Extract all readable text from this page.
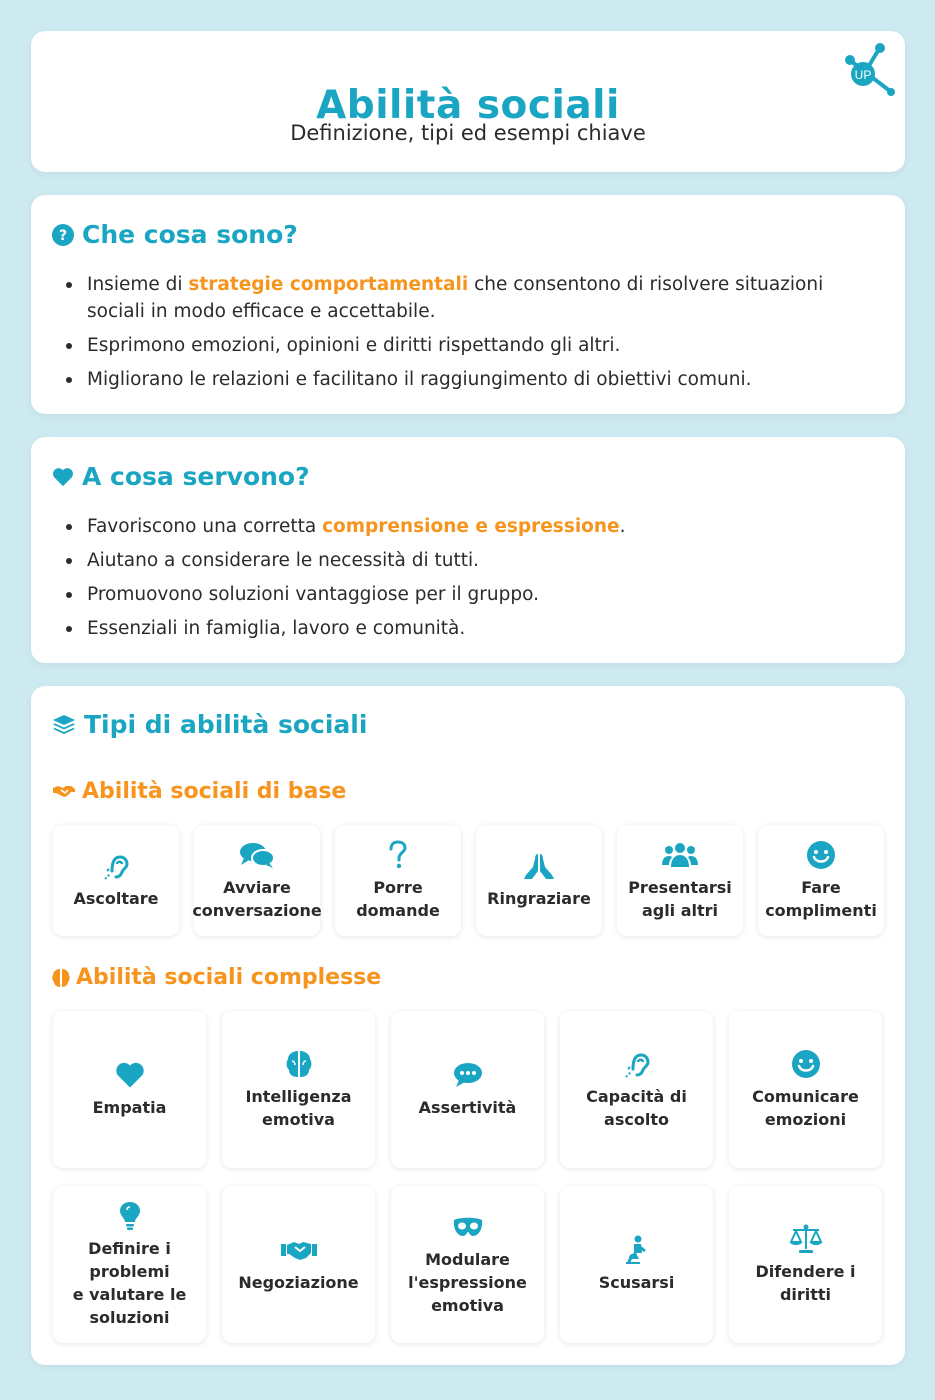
Abilità sociali
Definizione, tipi ed esempi chiave
UP
? Che cosa sono?
Insieme di strategie comportamentali che consentono di risolvere situazioni sociali in modo efficace e accettabile.
Esprimono emozioni, opinioni e diritti rispettando gli altri.
Migliorano le relazioni e facilitano il raggiungimento di obiettivi comuni.
A cosa servono?
Favoriscono una corretta comprensione e espressione.
Aiutano a considerare le necessità di tutti.
Promuovono soluzioni vantaggiose per il gruppo.
Essenziali in famiglia, lavoro e comunità.
Tipi di abilità sociali
Abilità sociali di base
Ascoltare
Avviare
conversazione
Porre
domande
Ringraziare
Presentarsi
agli altri
Fare
complimenti
Abilità sociali complesse
Empatia
Intelligenza
emotiva
Assertività
Capacità di
ascolto
Comunicare
emozioni
Definire i
problemi
e valutare le
soluzioni
Negoziazione
Modulare
l'espressione
emotiva
Scusarsi
Difendere i
diritti
